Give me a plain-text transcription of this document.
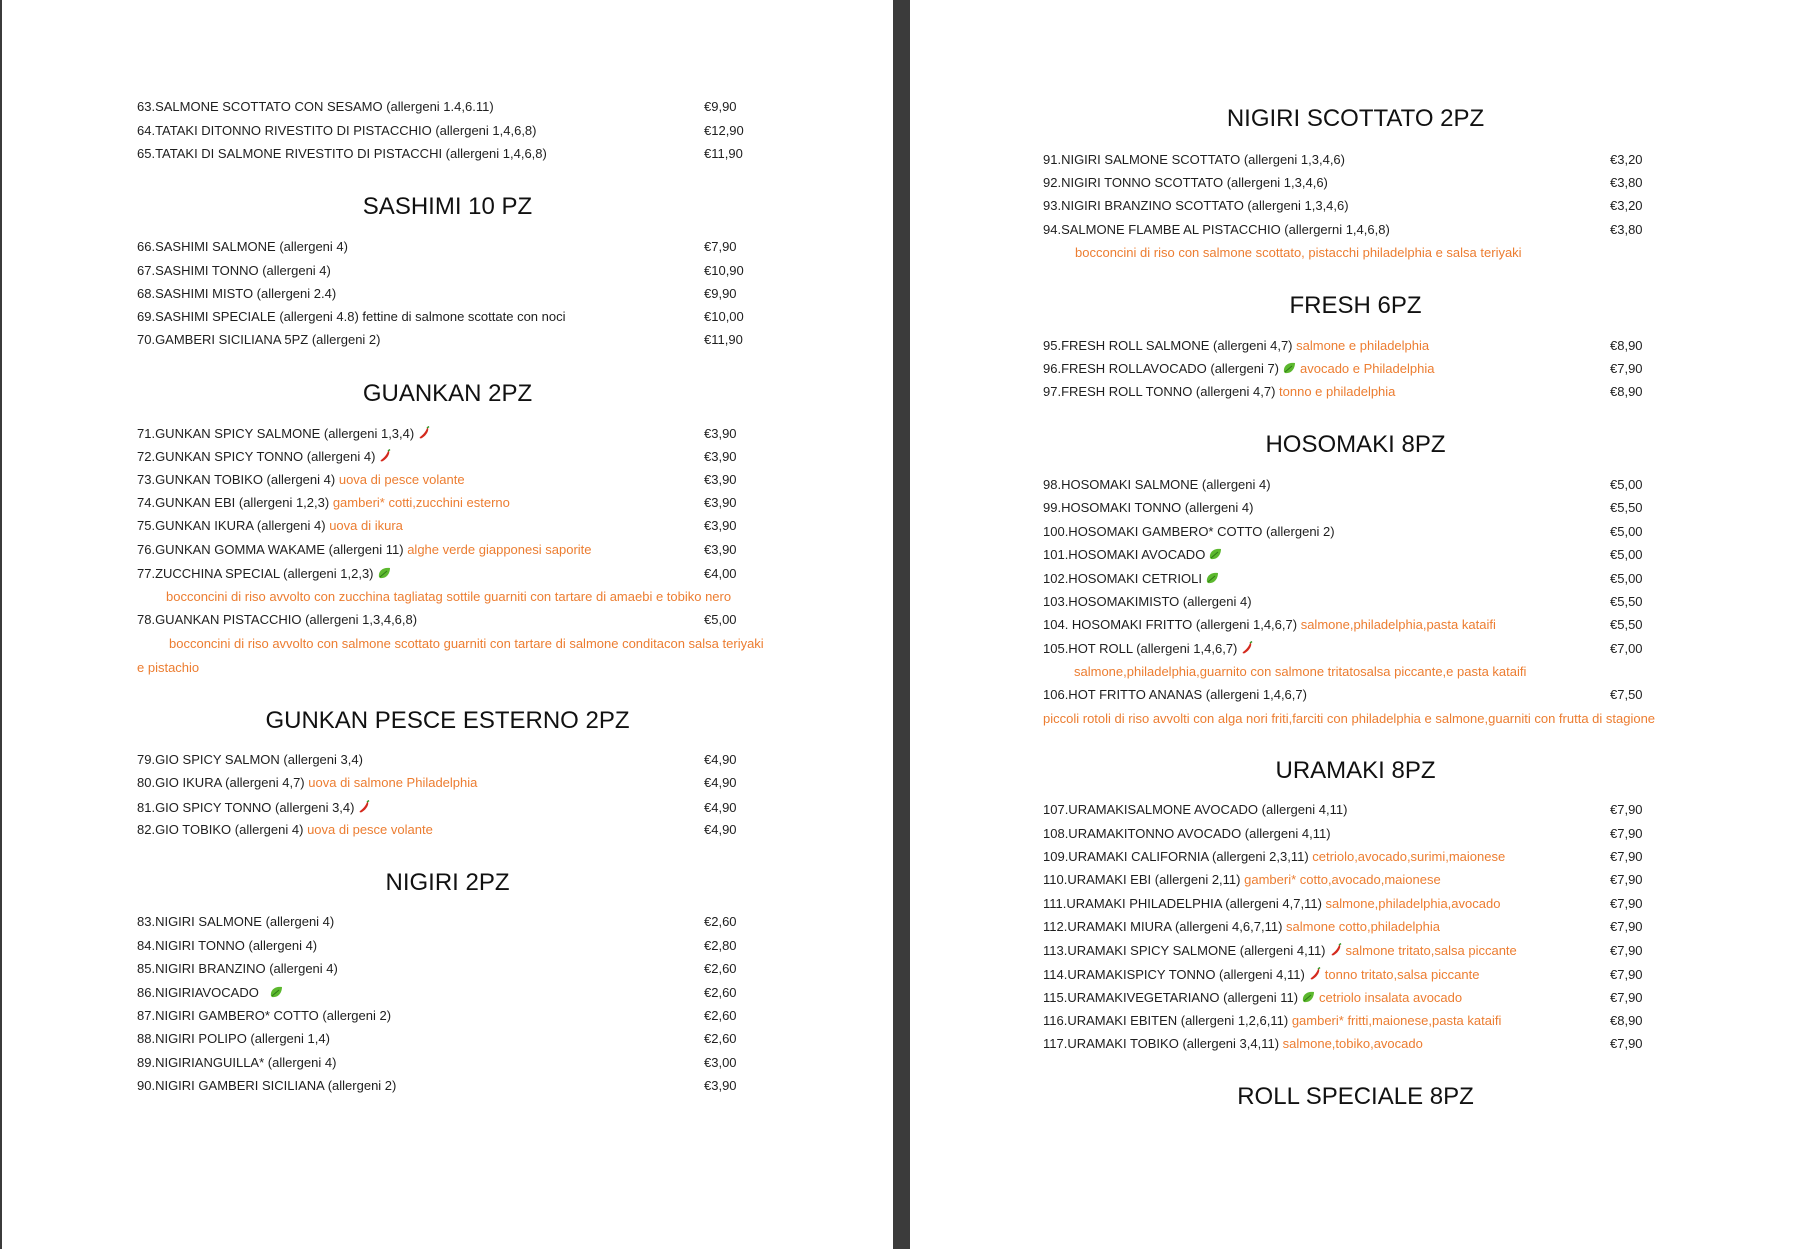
63.SALMONE SCOTTATO CON SESAMO (allergeni 1.4,6.11)	€9,90
64.TATAKI DITONNO RIVESTITO DI PISTACCHIO (allergeni 1,4,6,8)	€12,90
65.TATAKI DI SALMONE RIVESTITO DI PISTACCHI (allergeni 1,4,6,8)	€11,90
SASHIMI 10 PZ
66.SASHIMI SALMONE (allergeni 4)	€7,90
67.SASHIMI TONNO (allergeni 4)	€10,90
68.SASHIMI MISTO (allergeni 2.4)	€9,90
69.SASHIMI SPECIALE (allergeni 4.8) fettine di salmone scottate con noci	€10,00
70.GAMBERI SICILIANA 5PZ (allergeni 2)	€11,90
GUANKAN 2PZ
71.GUNKAN SPICY SALMONE (allergeni 1,3,4)	€3,90
72.GUNKAN SPICY TONNO (allergeni 4)	€3,90
73.GUNKAN TOBIKO (allergeni 4) uova di pesce volante	€3,90
74.GUNKAN EBI (allergeni 1,2,3) gamberi* cotti,zucchini esterno	€3,90
75.GUNKAN IKURA (allergeni 4) uova di ikura	€3,90
76.GUNKAN GOMMA WAKAME (allergeni 11) alghe verde giapponesi saporite	€3,90
77.ZUCCHINA SPECIAL (allergeni 1,2,3)	€4,00
bocconcini di riso avvolto con zucchina tagliatag sottile guarniti con tartare di amaebi e tobiko nero
78.GUANKAN PISTACCHIO (allergeni 1,3,4,6,8)	€5,00
bocconcini di riso avvolto con salmone scottato guarniti con tartare di salmone conditacon salsa teriyaki
e pistachio
GUNKAN PESCE ESTERNO 2PZ
79.GIO SPICY SALMON (allergeni 3,4)	€4,90
80.GIO IKURA (allergeni 4,7) uova di salmone Philadelphia	€4,90
81.GIO SPICY TONNO (allergeni 3,4)	€4,90
82.GIO TOBIKO (allergeni 4) uova di pesce volante	€4,90
NIGIRI 2PZ
83.NIGIRI SALMONE (allergeni 4)	€2,60
84.NIGIRI TONNO (allergeni 4)	€2,80
85.NIGIRI BRANZINO (allergeni 4)	€2,60
86.NIGIRIAVOCADO	€2,60
87.NIGIRI GAMBERO* COTTO (allergeni 2)	€2,60
88.NIGIRI POLIPO (allergeni 1,4)	€2,60
89.NIGIRIANGUILLA* (allergeni 4)	€3,00
90.NIGIRI GAMBERI SICILIANA (allergeni 2)	€3,90
NIGIRI SCOTTATO 2PZ
91.NIGIRI SALMONE SCOTTATO (allergeni 1,3,4,6)	€3,20
92.NIGIRI TONNO SCOTTATO (allergeni 1,3,4,6)	€3,80
93.NIGIRI BRANZINO SCOTTATO (allergeni 1,3,4,6)	€3,20
94.SALMONE FLAMBE AL PISTACCHIO (allergerni 1,4,6,8)	€3,80
bocconcini di riso con salmone scottato, pistacchi philadelphia e salsa teriyaki
FRESH 6PZ
95.FRESH ROLL SALMONE (allergeni 4,7) salmone e philadelphia	€8,90
96.FRESH ROLLAVOCADO (allergeni 7) avocado e Philadelphia	€7,90
97.FRESH ROLL TONNO (allergeni 4,7) tonno e philadelphia	€8,90
HOSOMAKI 8PZ
98.HOSOMAKI SALMONE (allergeni 4)	€5,00
99.HOSOMAKI TONNO (allergeni 4)	€5,50
100.HOSOMAKI GAMBERO* COTTO (allergeni 2)	€5,00
101.HOSOMAKI AVOCADO	€5,00
102.HOSOMAKI CETRIOLI	€5,00
103.HOSOMAKIMISTO (allergeni 4)	€5,50
104. HOSOMAKI FRITTO (allergeni 1,4,6,7) salmone,philadelphia,pasta kataifi	€5,50
105.HOT ROLL (allergeni 1,4,6,7)	€7,00
salmone,philadelphia,guarnito con salmone tritatosalsa piccante,e pasta kataifi
106.HOT FRITTO ANANAS (allergeni 1,4,6,7)	€7,50
piccoli rotoli di riso avvolti con alga nori friti,farciti con philadelphia e salmone,guarniti con frutta di stagione
URAMAKI 8PZ
107.URAMAKISALMONE AVOCADO (allergeni 4,11)	€7,90
108.URAMAKITONNO AVOCADO (allergeni 4,11)	€7,90
109.URAMAKI CALIFORNIA (allergeni 2,3,11) cetriolo,avocado,surimi,maionese	€7,90
110.URAMAKI EBI (allergeni 2,11) gamberi* cotto,avocado,maionese	€7,90
111.URAMAKI PHILADELPHIA (allergeni 4,7,11) salmone,philadelphia,avocado	€7,90
112.URAMAKI MIURA (allergeni 4,6,7,11) salmone cotto,philadelphia	€7,90
113.URAMAKI SPICY SALMONE (allergeni 4,11) salmone tritato,salsa piccante	€7,90
114.URAMAKISPICY TONNO (allergeni 4,11) tonno tritato,salsa piccante	€7,90
115.URAMAKIVEGETARIANO (allergeni 11) cetriolo insalata avocado	€7,90
116.URAMAKI EBITEN (allergeni 1,2,6,11) gamberi* fritti,maionese,pasta kataifi	€8,90
117.URAMAKI TOBIKO (allergeni 3,4,11) salmone,tobiko,avocado	€7,90
ROLL SPECIALE 8PZ
